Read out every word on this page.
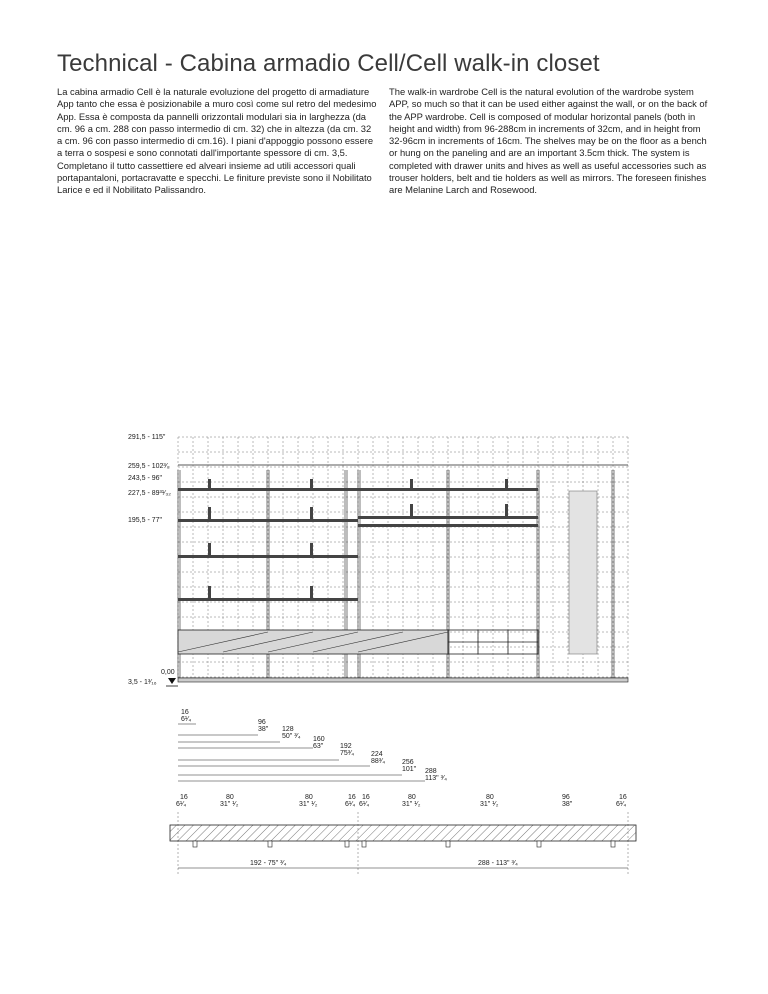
Technical - Cabina armadio Cell/Cell walk-in closet
La cabina armadio Cell è la naturale evoluzione del progetto di armadiature App tanto che essa è posizionabile a muro così come sul retro del medesimo App. Essa è composta da pannelli orizzontali modulari sia in larghezza (da cm. 96 a cm. 288 con passo intermedio di cm. 32) che in altezza (da cm. 32 a cm. 96 con passo intermedio di cm.16). I piani d'appoggio possono essere a terra o sospesi e sono connotati dall'importante spessore di cm. 3,5. Completano il tutto cassettiere ed alveari insieme ad utili accessori quali portapantaloni, portacravatte e specchi. Le finiture previste sono il Nobilitato Larice e ed il Nobilitato Palissandro.
The walk-in wardrobe Cell is the natural evolution of the wardrobe system APP, so much so that it can be used either against the wall, or on the back of the APP wardrobe. Cell is composed of modular horizontal panels (both in height and width) from 96-288cm in increments of 32cm, and in height from 32-96cm in increments of 16cm. The shelves may be on the floor as a bench or hung on the paneling and are an important 3.5cm thick. The system is completed with drawer units and hives as well as useful accessories such as trouser holders, belt and tie holders as well as mirrors. The foreseen finishes are Melanine Larch and Rosewood.
291,5 - 115"
259,5 - 102³⁄₈
243,5 - 96"
227,5 - 89³¹⁄₃₂
195,5 - 77"
0,00
3,5 - 1³⁄₁₆
16
6¹⁄₄	96
38" 128
50" ³⁄₄ 160
63" 192
75³⁄₄ 224
88³⁄₄ 256
101" 288
113" ³⁄₄
16
6¹⁄₄
80
31" ¹⁄₂
80
31" ¹⁄₂
16
6¹⁄₄
16
6¹⁄₄
80
31" ¹⁄₂
80
31" ¹⁄₂
96
38"
16
6¹⁄₄
192 - 75" ³⁄₄	288 - 113" ³⁄₄
